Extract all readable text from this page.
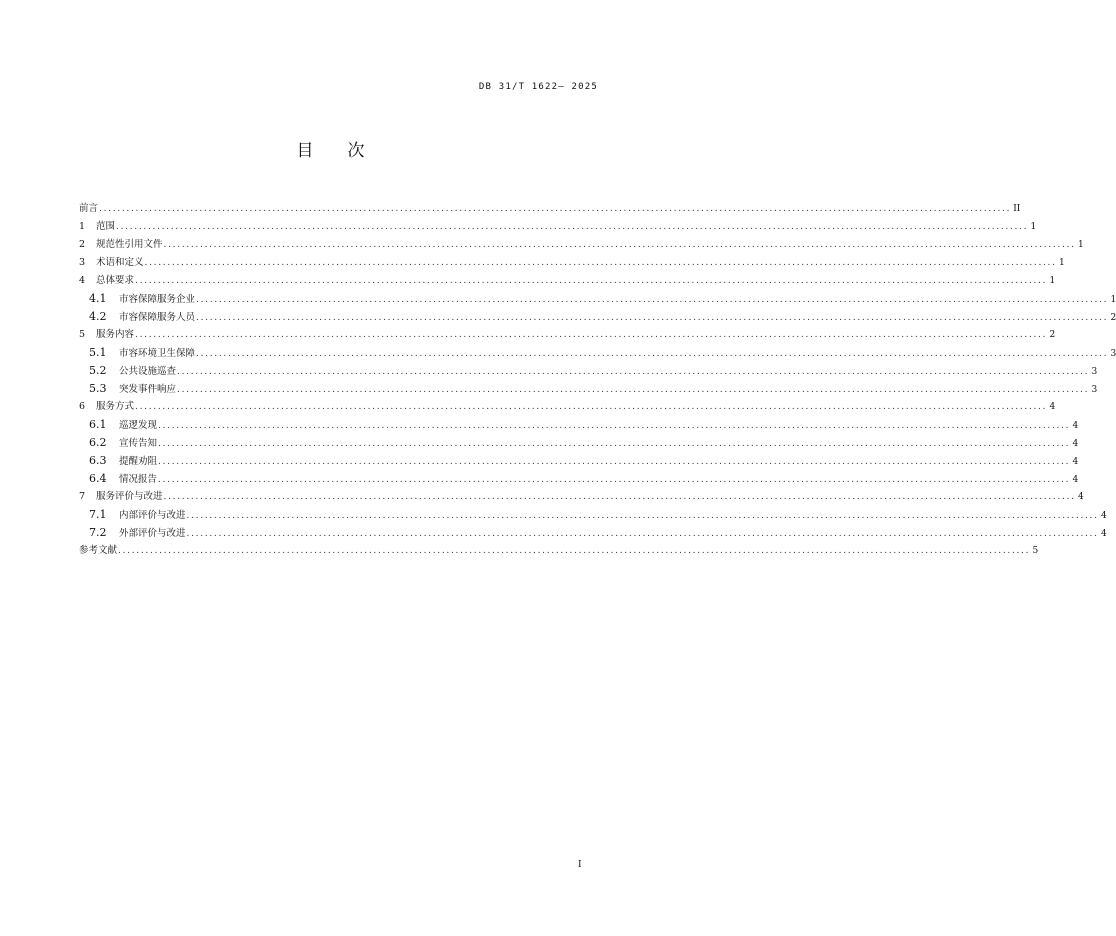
DB 31/T 1622— 2025
目 次
前言 ........................................................................................................................................................................................................ II
1	范围 ........................................................................................................................................................................................................ 1
2	规范性引用文件 ........................................................................................................................................................................................................ 1
3	术语和定义 ........................................................................................................................................................................................................ 1
4	总体要求 ........................................................................................................................................................................................................ 1
4.1	市容保障服务企业 ........................................................................................................................................................................................................ 1
4.2	市容保障服务人员 ........................................................................................................................................................................................................ 2
5	服务内容 ........................................................................................................................................................................................................ 2
5.1	市容环境卫生保障 ........................................................................................................................................................................................................ 3
5.2	公共设施巡查 ........................................................................................................................................................................................................ 3
5.3	突发事件响应 ........................................................................................................................................................................................................ 3
6	服务方式 ........................................................................................................................................................................................................ 4
6.1	巡逻发现 ........................................................................................................................................................................................................ 4
6.2	宣传告知 ........................................................................................................................................................................................................ 4
6.3	提醒劝阻 ........................................................................................................................................................................................................ 4
6.4	情况报告 ........................................................................................................................................................................................................ 4
7	服务评价与改进 ........................................................................................................................................................................................................ 4
7.1	内部评价与改进 ........................................................................................................................................................................................................ 4
7.2	外部评价与改进 ........................................................................................................................................................................................................ 4
参考文献 ........................................................................................................................................................................................................ 5
I
